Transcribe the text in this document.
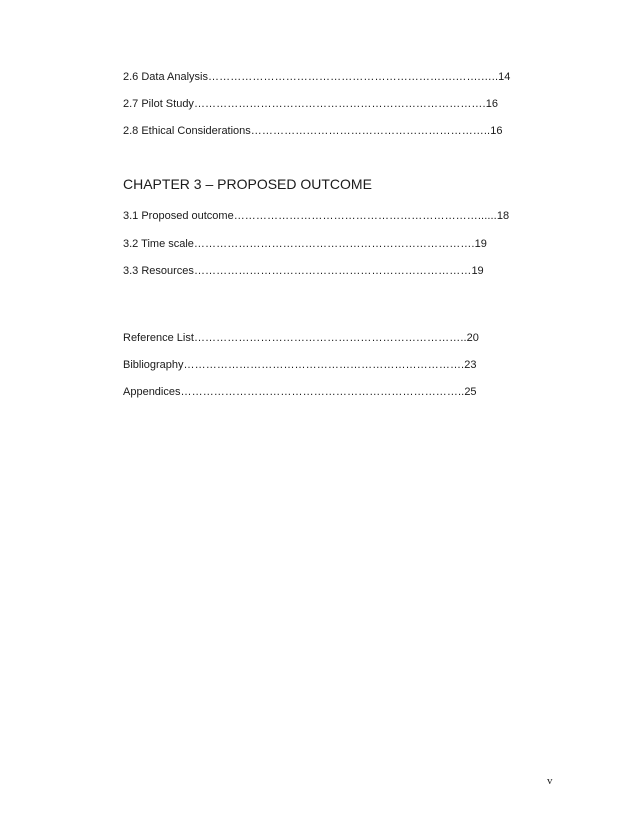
2.6 Data Analysis………………………………………………………….…….…..14
2.7 Pilot Study…………………………………………………………………….16
2.8 Ethical Considerations………………………………………………………..16
CHAPTER 3 – PROPOSED OUTCOME
3.1 Proposed outcome…………………………………………………………......18
3.2 Time scale………………………………………………………………….19
3.3 Resources…………………………………………………………………19
Reference List………………………………………………………………..20
Bibliography………………………………………………………………….23
Appendices…………………………………………………………………..25
v
